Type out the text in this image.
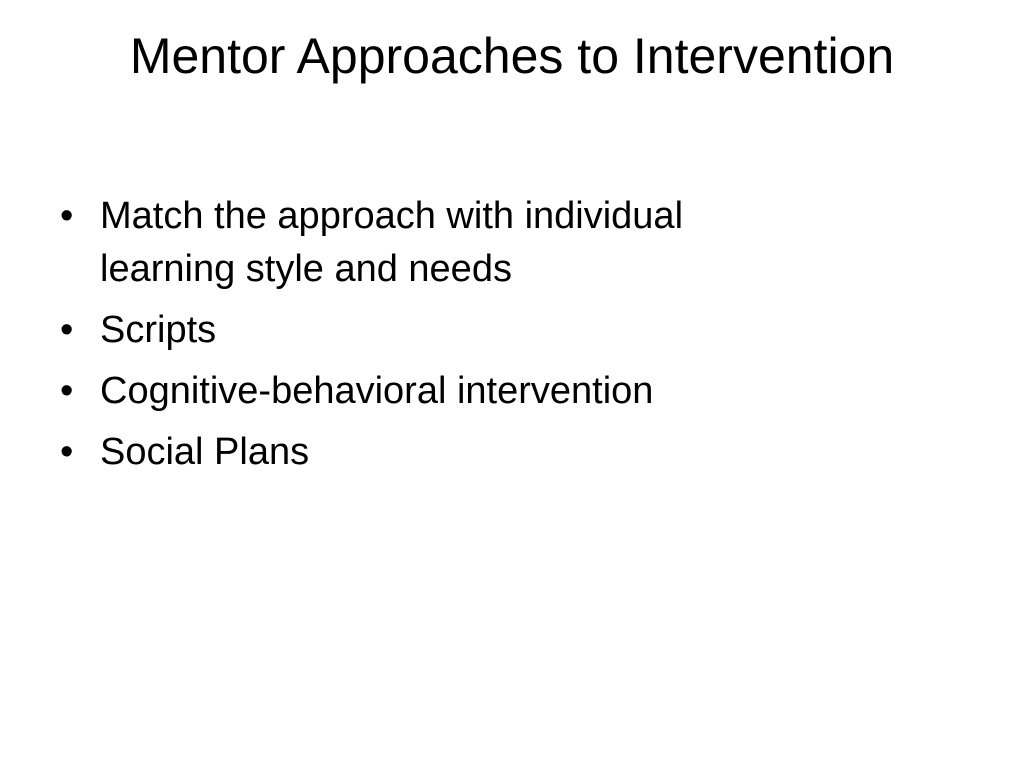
Mentor Approaches to Intervention
• Match the approach with individual
learning style and needs
• Scripts
• Cognitive-behavioral intervention
• Social Plans
